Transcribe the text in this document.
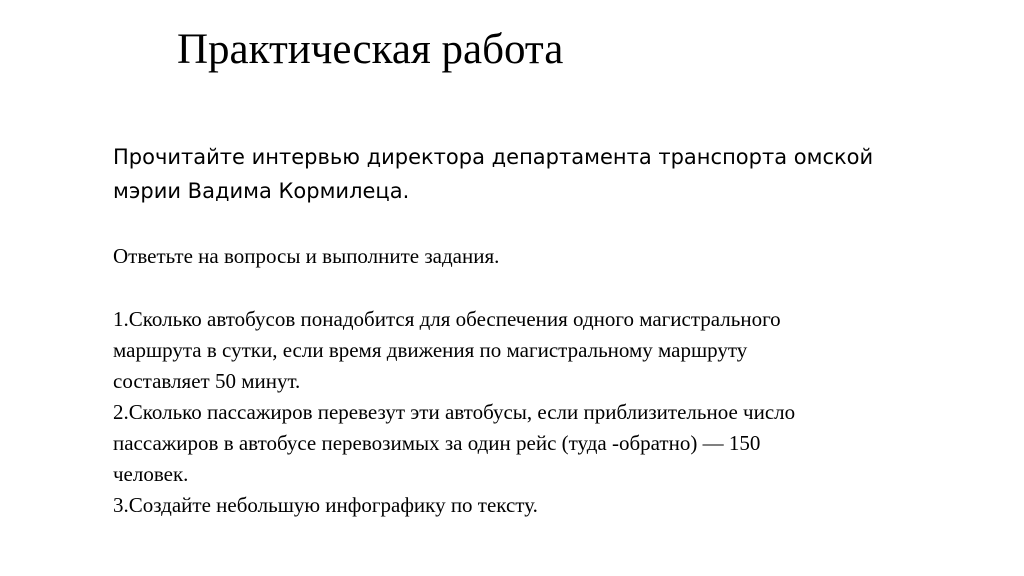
Практическая работа
Прочитайте интервью директора департамента транспорта омской
мэрии Вадима Кормилеца.
Ответьте на вопросы и выполните задания.
1.Сколько автобусов понадобится для обеспечения одного магистрального
маршрута в сутки, если время движения по магистральному маршруту
составляет 50 минут.
2.Сколько пассажиров перевезут эти автобусы, если приблизительное число
пассажиров в автобусе перевозимых за один рейс (туда -обратно) — 150
человек.
3.Создайте небольшую инфографику по тексту.
